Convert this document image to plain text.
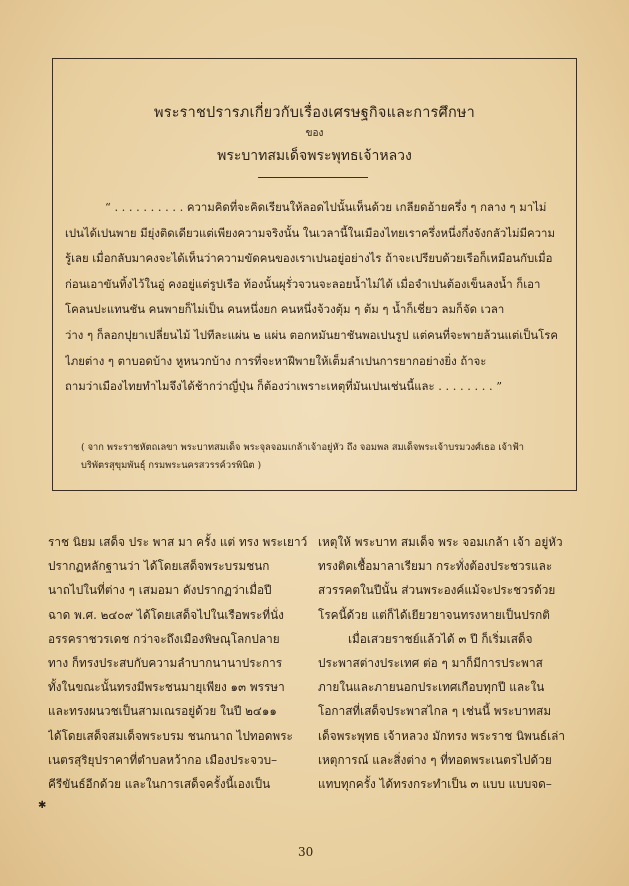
พระราชปรารภเกี่ยวกับเรื่องเศรษฐกิจและการศึกษา
ของ
พระบาทสมเด็จพระพุทธเจ้าหลวง
“ . . . . . . . . . . ความคิดที่จะคิดเรียนให้ลอดไปนั้นเห็นด้วย เกลียดอ้ายครึ่ง ๆ กลาง ๆ มาไม่
เปนได้เปนพาย มียุ่งติดเดียวแต่เพียงความจริงนั้น ในเวลานี้ในเมืองไทยเราครึ่งหนึ่งกึ่งจังกลัวไม่มีความ
รู้เลย เมื่อกลับมาคงจะได้เห็นว่าความขัดคนของเราเปนอยู่อย่างไร ถ้าจะเปรียบด้วยเรือก็เหมือนกับเมื่อ
ก่อนเอาขันทิ้งไว้ในอู่ คงอยู่แต่รูปเรือ ท้องนั้นผุรั่วจวนจะลอยน้ำไม่ได้ เมื่อจำเปนต้องเข็นลงน้ำ ก็เอา
โคลนปะแทนชัน คนพายก็ไม่เป็น คนหนึ่งยก คนหนึ่งจ้วงตุ้ม ๆ ต้ม ๆ น้ำก็เชี่ยว ลมก็จัด เวลา
ว่าง ๆ ก็ลอกปุยาเปลี่ยนไม้ ไปทีละแผ่น ๒ แผ่น ตอกหมันยาชันพอเปนรูป แต่คนที่จะพายล้วนแต่เป็นโรค
ไภยต่าง ๆ ตาบอดบ้าง หูหนวกบ้าง การที่จะหาฝีพายให้เต็มลำเปนการยากอย่างยิ่ง ถ้าจะ
ถามว่าเมืองไทยทำไมจึงได้ช้ากว่าญี่ปุ่น ก็ต้องว่าเพราะเหตุที่มันเปนเช่นนี้และ . . . . . . . . ”
( จาก พระราชหัตถเลขา พระบาทสมเด็จ พระจุลจอมเกล้าเจ้าอยู่หัว ถึง จอมพล สมเด็จพระเจ้าบรมวงศ์เธอ เจ้าฟ้า
บริพัตรสุขุมพันธุ์ กรมพระนครสวรรค์วรพินิต )
ราช นิยม เสด็จ ประ พาส มา ครั้ง แต่ ทรง พระเยาว์
ปรากฏหลักฐานว่า ได้โดยเสด็จพระบรมชนก
นาถไปในที่ต่าง ๆ เสมอมา ดังปรากฏว่าเมื่อปี
ฉาด พ.ศ. ๒๔๐๙ ได้โดยเสด็จไปในเรือพระที่นั่ง
อรรคราชวรเดช กว่าจะถึงเมืองพิษณุโลกปลาย
ทาง ก็ทรงประสบกับความลำบากนานาประการ
ทั้งในขณะนั้นทรงมีพระชนมายุเพียง ๑๓ พรรษา
และทรงผนวชเป็นสามเณรอยู่ด้วย ในปี ๒๔๑๑
ได้โดยเสด็จสมเด็จพระบรม ชนกนาถ ไปทอดพระ
เนตรสุริยุปราคาที่ตำบลหว้ากอ เมืองประจวบ–
คีรีขันธ์อีกด้วย และในการเสด็จครั้งนี้เองเป็น
เหตุให้ พระบาท สมเด็จ พระ จอมเกล้า เจ้า อยู่หัว
ทรงติดเชื้อมาลาเรียมา กระทั่งต้องประชวรและ
สวรรคตในปีนั้น ส่วนพระองค์แม้จะประชวรด้วย
โรคนี้ด้วย แต่ก็ได้เยียวยาจนทรงหายเป็นปรกติ
เมื่อเสวยราชย์แล้วได้ ๓ ปี ก็เริ่มเสด็จ
ประพาสต่างประเทศ ต่อ ๆ มาก็มีการประพาส
ภายในและภายนอกประเทศเกือบทุกปี และใน
โอกาสที่เสด็จประพาสไกล ๆ เช่นนี้ พระบาทสม
เด็จพระพุทธ เจ้าหลวง มักทรง พระราช นิพนธ์เล่า
เหตุการณ์ และสิ่งต่าง ๆ ที่ทอดพระเนตรไปด้วย
แทบทุกครั้ง ได้ทรงกระทำเป็น ๓ แบบ แบบจด–
✱
30
